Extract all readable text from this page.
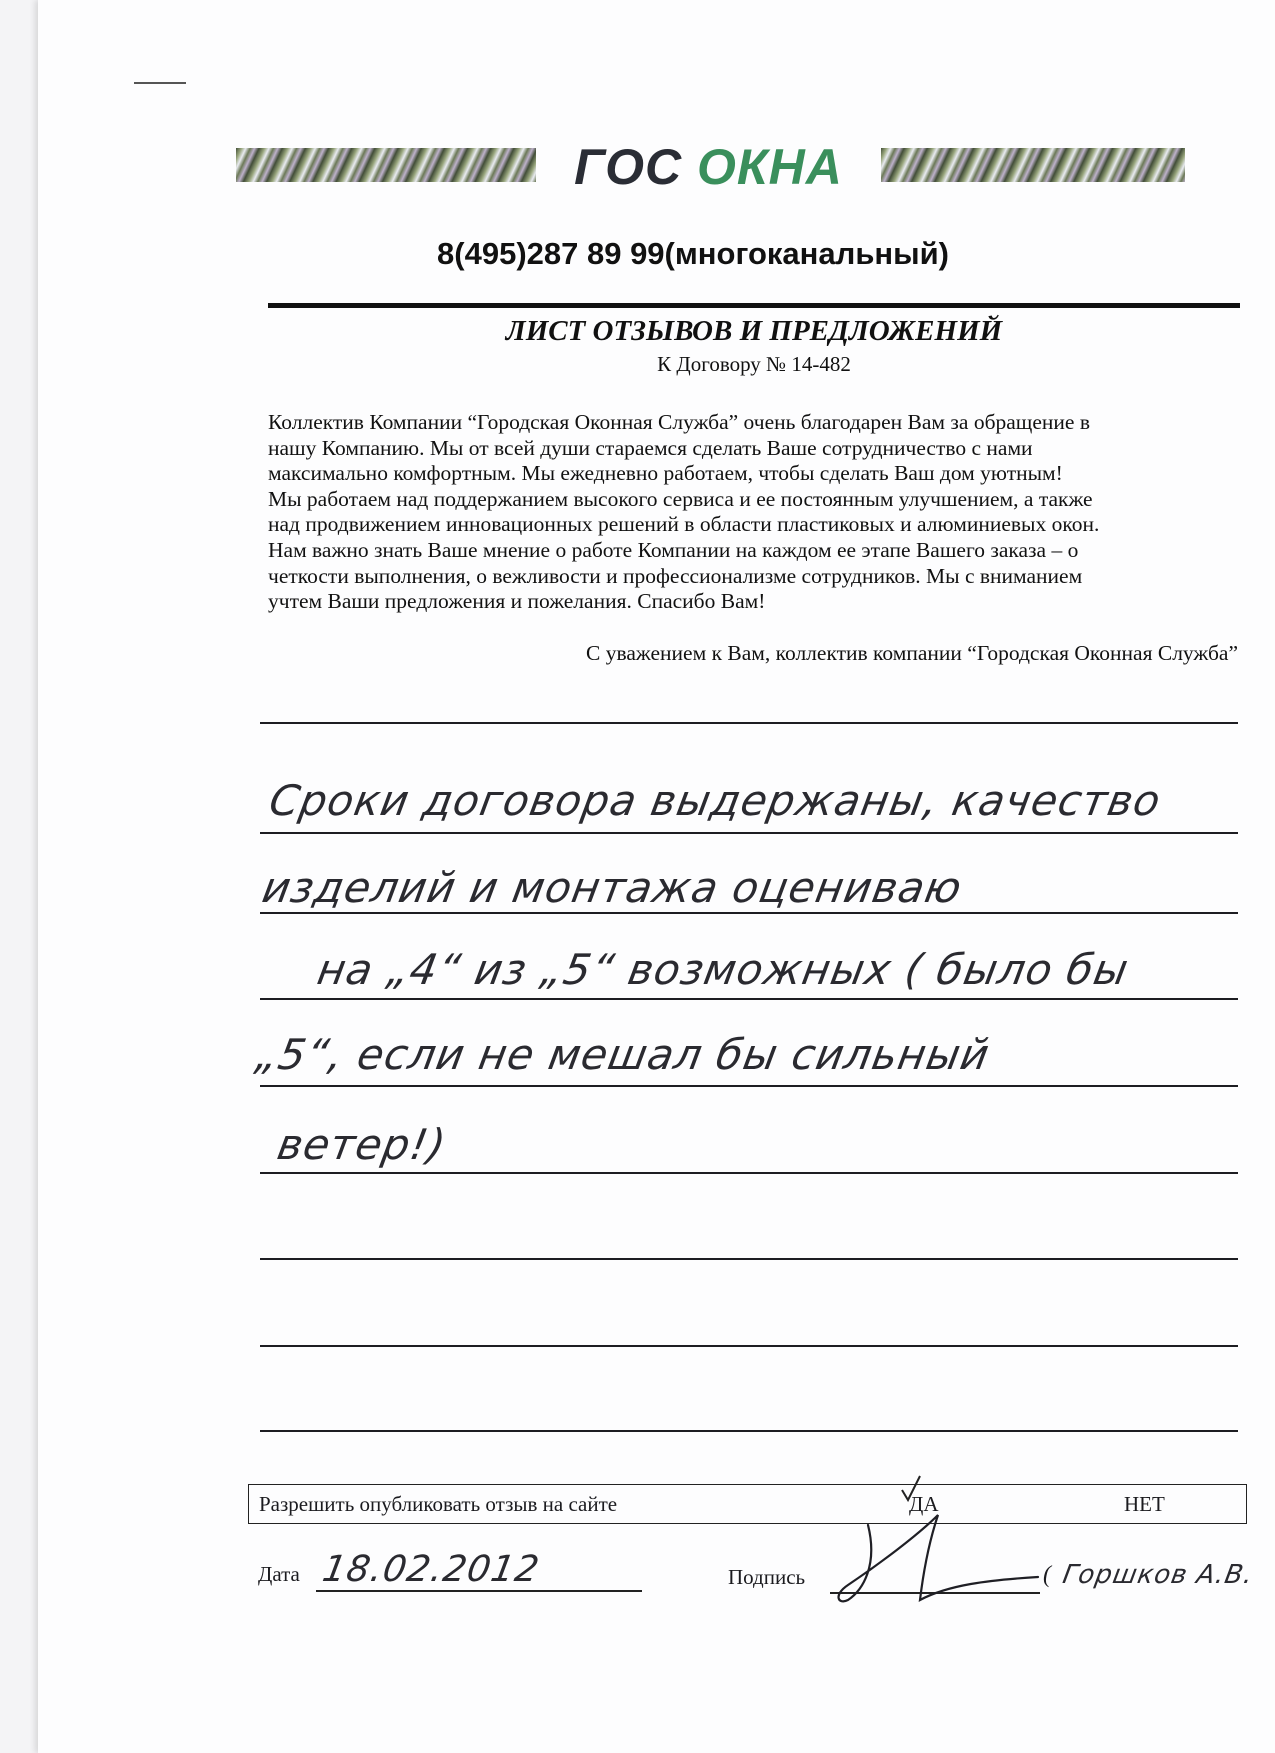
ГОС ОКНА
8(495)287 89 99(многоканальный)
ЛИСТ ОТЗЫВОВ И ПРЕДЛОЖЕНИЙ
К Договору № 14-482
Коллектив Компании “Городская Оконная Служба” очень благодарен Вам за обращение в
нашу Компанию. Мы от всей души стараемся сделать Ваше сотрудничество с нами
максимально комфортным. Мы ежедневно работаем, чтобы сделать Ваш дом уютным!
Мы работаем над поддержанием высокого сервиса и ее постоянным улучшением, а также
над продвижением инновационных решений в области пластиковых и алюминиевых окон.
Нам важно знать Ваше мнение о работе Компании на каждом ее этапе Вашего заказа – о
четкости выполнения, о вежливости и профессионализме сотрудников. Мы с вниманием
учтем Ваши предложения и пожелания. Спасибо Вам!
С уважением к Вам, коллектив компании “Городская Оконная Служба”
Сроки договора выдержаны, качество
изделий и монтажа оцениваю
на „4“ из „5“ возможных ( было бы
„5“, если не мешал бы сильный
ветер!)
Разрешить опубликовать отзыв на сайте	ДА	НЕТ
Дата 18.02.2012	Подпись	( Горшков А.В.
